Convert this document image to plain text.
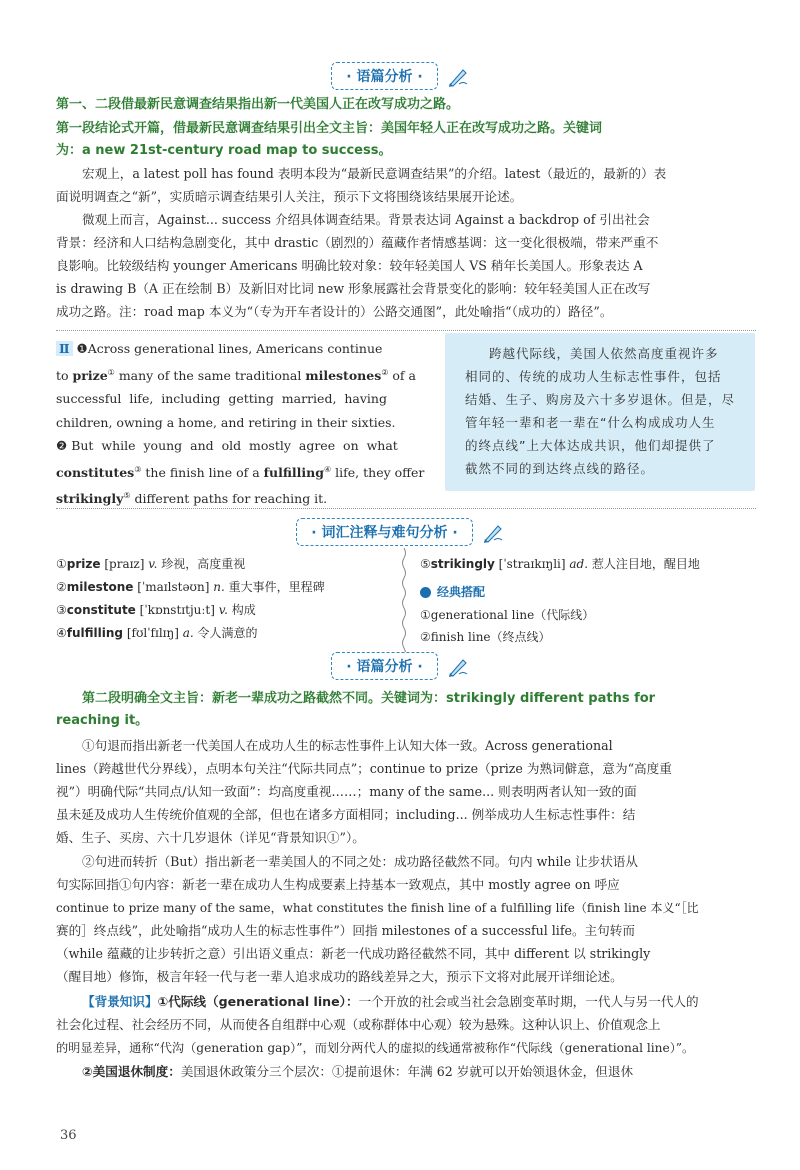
· 语篇分析 ·
第一、二段借最新民意调查结果指出新一代美国人正在改写成功之路。
第一段结论式开篇，借最新民意调查结果引出全文主旨：美国年轻人正在改写成功之路。关键词
为：a new 21st-century road map to success。
宏观上，a latest poll has found 表明本段为“最新民意调查结果”的介绍。latest（最近的，最新的）表
面说明调查之“新”，实质暗示调查结果引人关注，预示下文将围绕该结果展开论述。
微观上而言，Against... success 介绍具体调查结果。背景表达词 Against a backdrop of 引出社会
背景：经济和人口结构急剧变化，其中 drastic（剧烈的）蕴藏作者情感基调：这一变化很极端，带来严重不
良影响。比较级结构 younger Americans 明确比较对象：较年轻美国人 VS 稍年长美国人。形象表达 A
is drawing B（A 正在绘制 B）及新旧对比词 new 形象展露社会背景变化的影响：较年轻美国人正在改写
成功之路。注：road map 本义为“（专为开车者设计的）公路交通图”，此处喻指“（成功的）路径”。
Ⅱ ❶Across generational lines, Americans continue
to prize① many of the same traditional milestones② of a
successful  life,  including  getting  married,  having
children, owning a home, and retiring in their sixties.
❷ But  while  young  and  old  mostly  agree  on  what
constitutes③ the finish line of a fulfilling④ life, they offer
strikingly⑤ different paths for reaching it.
跨越代际线，美国人依然高度重视许多
相同的、传统的成功人生标志性事件，包括
结婚、生子、购房及六十多岁退休。但是，尽
管年轻一辈和老一辈在“什么构成成功人生
的终点线”上大体达成共识，他们却提供了
截然不同的到达终点线的路径。
· 词汇注释与难句分析 ·
①prize [praɪz] v. 珍视，高度重视
②milestone [ˈmaɪlstəʊn] n. 重大事件，里程碑
③constitute [ˈkɒnstɪtjuːt] v. 构成
④fulfilling [fʊlˈfɪlɪŋ] a. 令人满意的
⑤strikingly [ˈstraɪkɪŋli] ad. 惹人注目地，醒目地
经典搭配
①generational line（代际线）
②finish line（终点线）
· 语篇分析 ·
第二段明确全文主旨：新老一辈成功之路截然不同。关键词为：strikingly different paths for
reaching it。
①句退而指出新老一代美国人在成功人生的标志性事件上认知大体一致。Across generational
lines（跨越世代分界线），点明本句关注“代际共同点”；continue to prize（prize 为熟词僻意，意为“高度重
视”）明确代际“共同点/认知一致面”：均高度重视……；many of the same... 则表明两者认知一致的面
虽未延及成功人生传统价值观的全部，但也在诸多方面相同；including... 例举成功人生标志性事件：结
婚、生子、买房、六十几岁退休（详见“背景知识①”）。
②句进而转折（But）指出新老一辈美国人的不同之处：成功路径截然不同。句内 while 让步状语从
句实际回指①句内容：新老一辈在成功人生构成要素上持基本一致观点，其中 mostly agree on 呼应
continue to prize many of the same，what constitutes the finish line of a fulfilling life（finish line 本义“［比
赛的］终点线”，此处喻指“成功人生的标志性事件”）回指 milestones of a successful life。主句转而
（while 蕴藏的让步转折之意）引出语义重点：新老一代成功路径截然不同，其中 different 以 strikingly
（醒目地）修饰，极言年轻一代与老一辈人追求成功的路线差异之大，预示下文将对此展开详细论述。
【背景知识】①代际线（generational line）：一个开放的社会或当社会急剧变革时期，一代人与另一代人的
社会化过程、社会经历不同，从而使各自组群中心观（或称群体中心观）较为悬殊。这种认识上、价值观念上
的明显差异，通称“代沟（generation gap）”，而划分两代人的虚拟的线通常被称作“代际线（generational line）”。
②美国退休制度：美国退休政策分三个层次：①提前退休：年满 62 岁就可以开始领退休金，但退休
36
